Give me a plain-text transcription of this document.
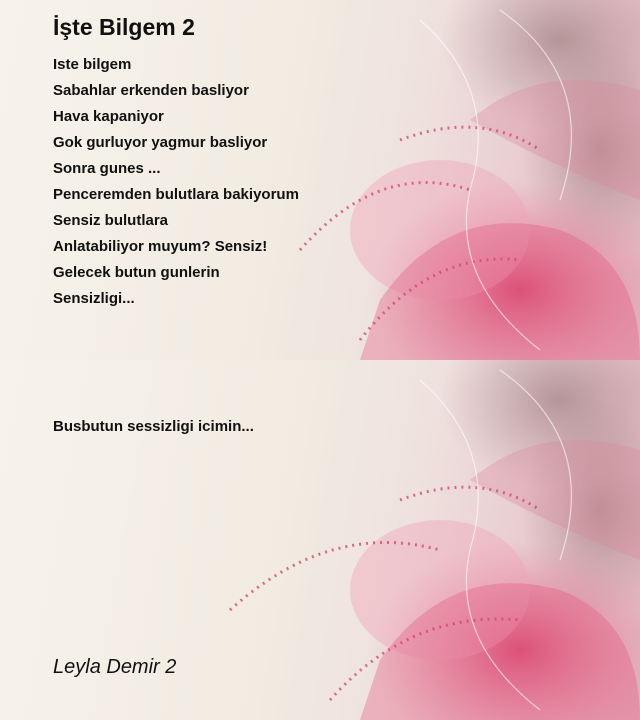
İşte Bilgem 2
Iste bilgem
Sabahlar erkenden basliyor
Hava kapaniyor
Gok gurluyor yagmur basliyor
Sonra gunes ...
Penceremden bulutlara bakiyorum
Sensiz bulutlara
Anlatabiliyor muyum? Sensiz!
Gelecek butun gunlerin
Sensizligi...
Busbutun sessizligi icimin...
Leyla Demir 2
